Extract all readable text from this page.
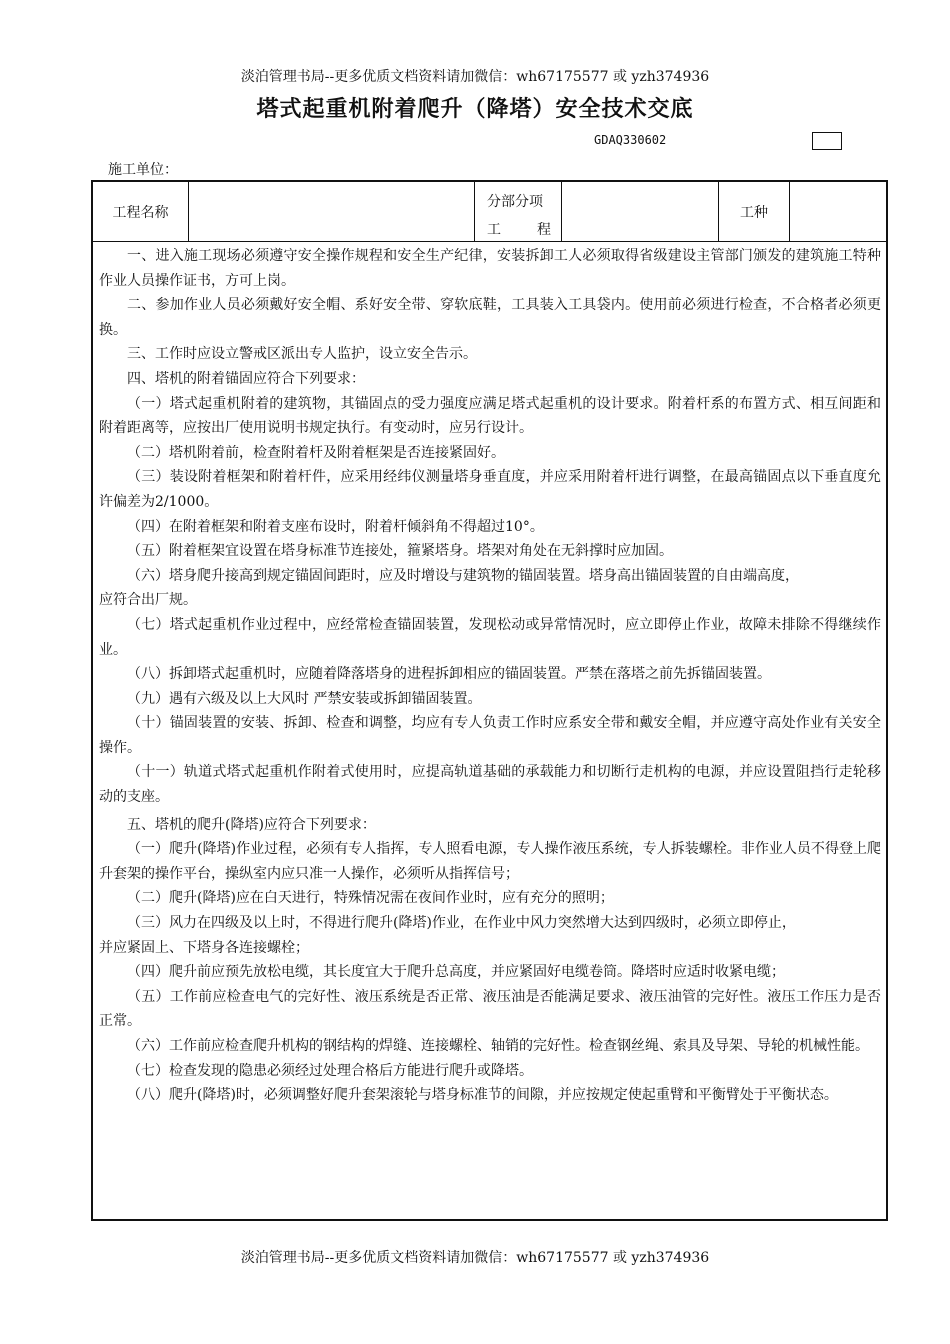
淡泊管理书局--更多优质文档资料请加微信：wh67175577 或 yzh374936
塔式起重机附着爬升（降塔）安全技术交底
GDAQ330602
施工单位：
工程名称
分部分项
工程
工种

一、进入施工现场必须遵守安全操作规程和安全生产纪律，安装拆卸工人必须取得省级建设主管部门颁发的建筑施工特种作业人员操作证书，方可上岗。

二、参加作业人员必须戴好安全帽、系好安全带、穿软底鞋，工具装入工具袋内。使用前必须进行检查，不合格者必须更换。

三、工作时应设立警戒区派出专人监护，设立安全告示。

四、塔机的附着锚固应符合下列要求：

（一）塔式起重机附着的建筑物，其锚固点的受力强度应满足塔式起重机的设计要求。附着杆系的布置方式、相互间距和附着距离等，应按出厂使用说明书规定执行。有变动时，应另行设计。

（二）塔机附着前，检查附着杆及附着框架是否连接紧固好。

（三）装设附着框架和附着杆件，应采用经纬仪测量塔身垂直度，并应采用附着杆进行调整，在最高锚固点以下垂直度允许偏差为2/1000。

（四）在附着框架和附着支座布设时，附着杆倾斜角不得超过10°。

（五）附着框架宜设置在塔身标准节连接处，箍紧塔身。塔架对角处在无斜撑时应加固。

（六）塔身爬升接高到规定锚固间距时，应及时增设与建筑物的锚固装置。塔身高出锚固装置的自由端高度，

应符合出厂规。

（七）塔式起重机作业过程中，应经常检查锚固装置，发现松动或异常情况时，应立即停止作业，故障未排除不得继续作业。

（八）拆卸塔式起重机时，应随着降落塔身的进程拆卸相应的锚固装置。严禁在落塔之前先拆锚固装置。

（九）遇有六级及以上大风时 严禁安装或拆卸锚固装置。

（十）锚固装置的安装、拆卸、检查和调整，均应有专人负责工作时应系安全带和戴安全帽，并应遵守高处作业有关安全操作。

（十一）轨道式塔式起重机作附着式使用时，应提高轨道基础的承载能力和切断行走机构的电源，并应设置阻挡行走轮移动的支座。

五、塔机的爬升(降塔)应符合下列要求：

（一）爬升(降塔)作业过程，必须有专人指挥，专人照看电源，专人操作液压系统，专人拆装螺栓。非作业人员不得登上爬升套架的操作平台，操纵室内应只准一人操作，必须听从指挥信号；

（二）爬升(降塔)应在白天进行，特殊情况需在夜间作业时，应有充分的照明；

（三）风力在四级及以上时，不得进行爬升(降塔)作业，在作业中风力突然增大达到四级时，必须立即停止，

并应紧固上、下塔身各连接螺栓；

（四）爬升前应预先放松电缆，其长度宜大于爬升总高度，并应紧固好电缆卷筒。降塔时应适时收紧电缆；

（五）工作前应检查电气的完好性、液压系统是否正常、液压油是否能满足要求、液压油管的完好性。液压工作压力是否正常。

（六）工作前应检查爬升机构的钢结构的焊缝、连接螺栓、轴销的完好性。检查钢丝绳、索具及导架、导轮的机械性能。

（七）检查发现的隐患必须经过处理合格后方能进行爬升或降塔。

（八）爬升(降塔)时，必须调整好爬升套架滚轮与塔身标准节的间隙，并应按规定使起重臂和平衡臂处于平衡状态。

淡泊管理书局--更多优质文档资料请加微信：wh67175577 或 yzh374936
